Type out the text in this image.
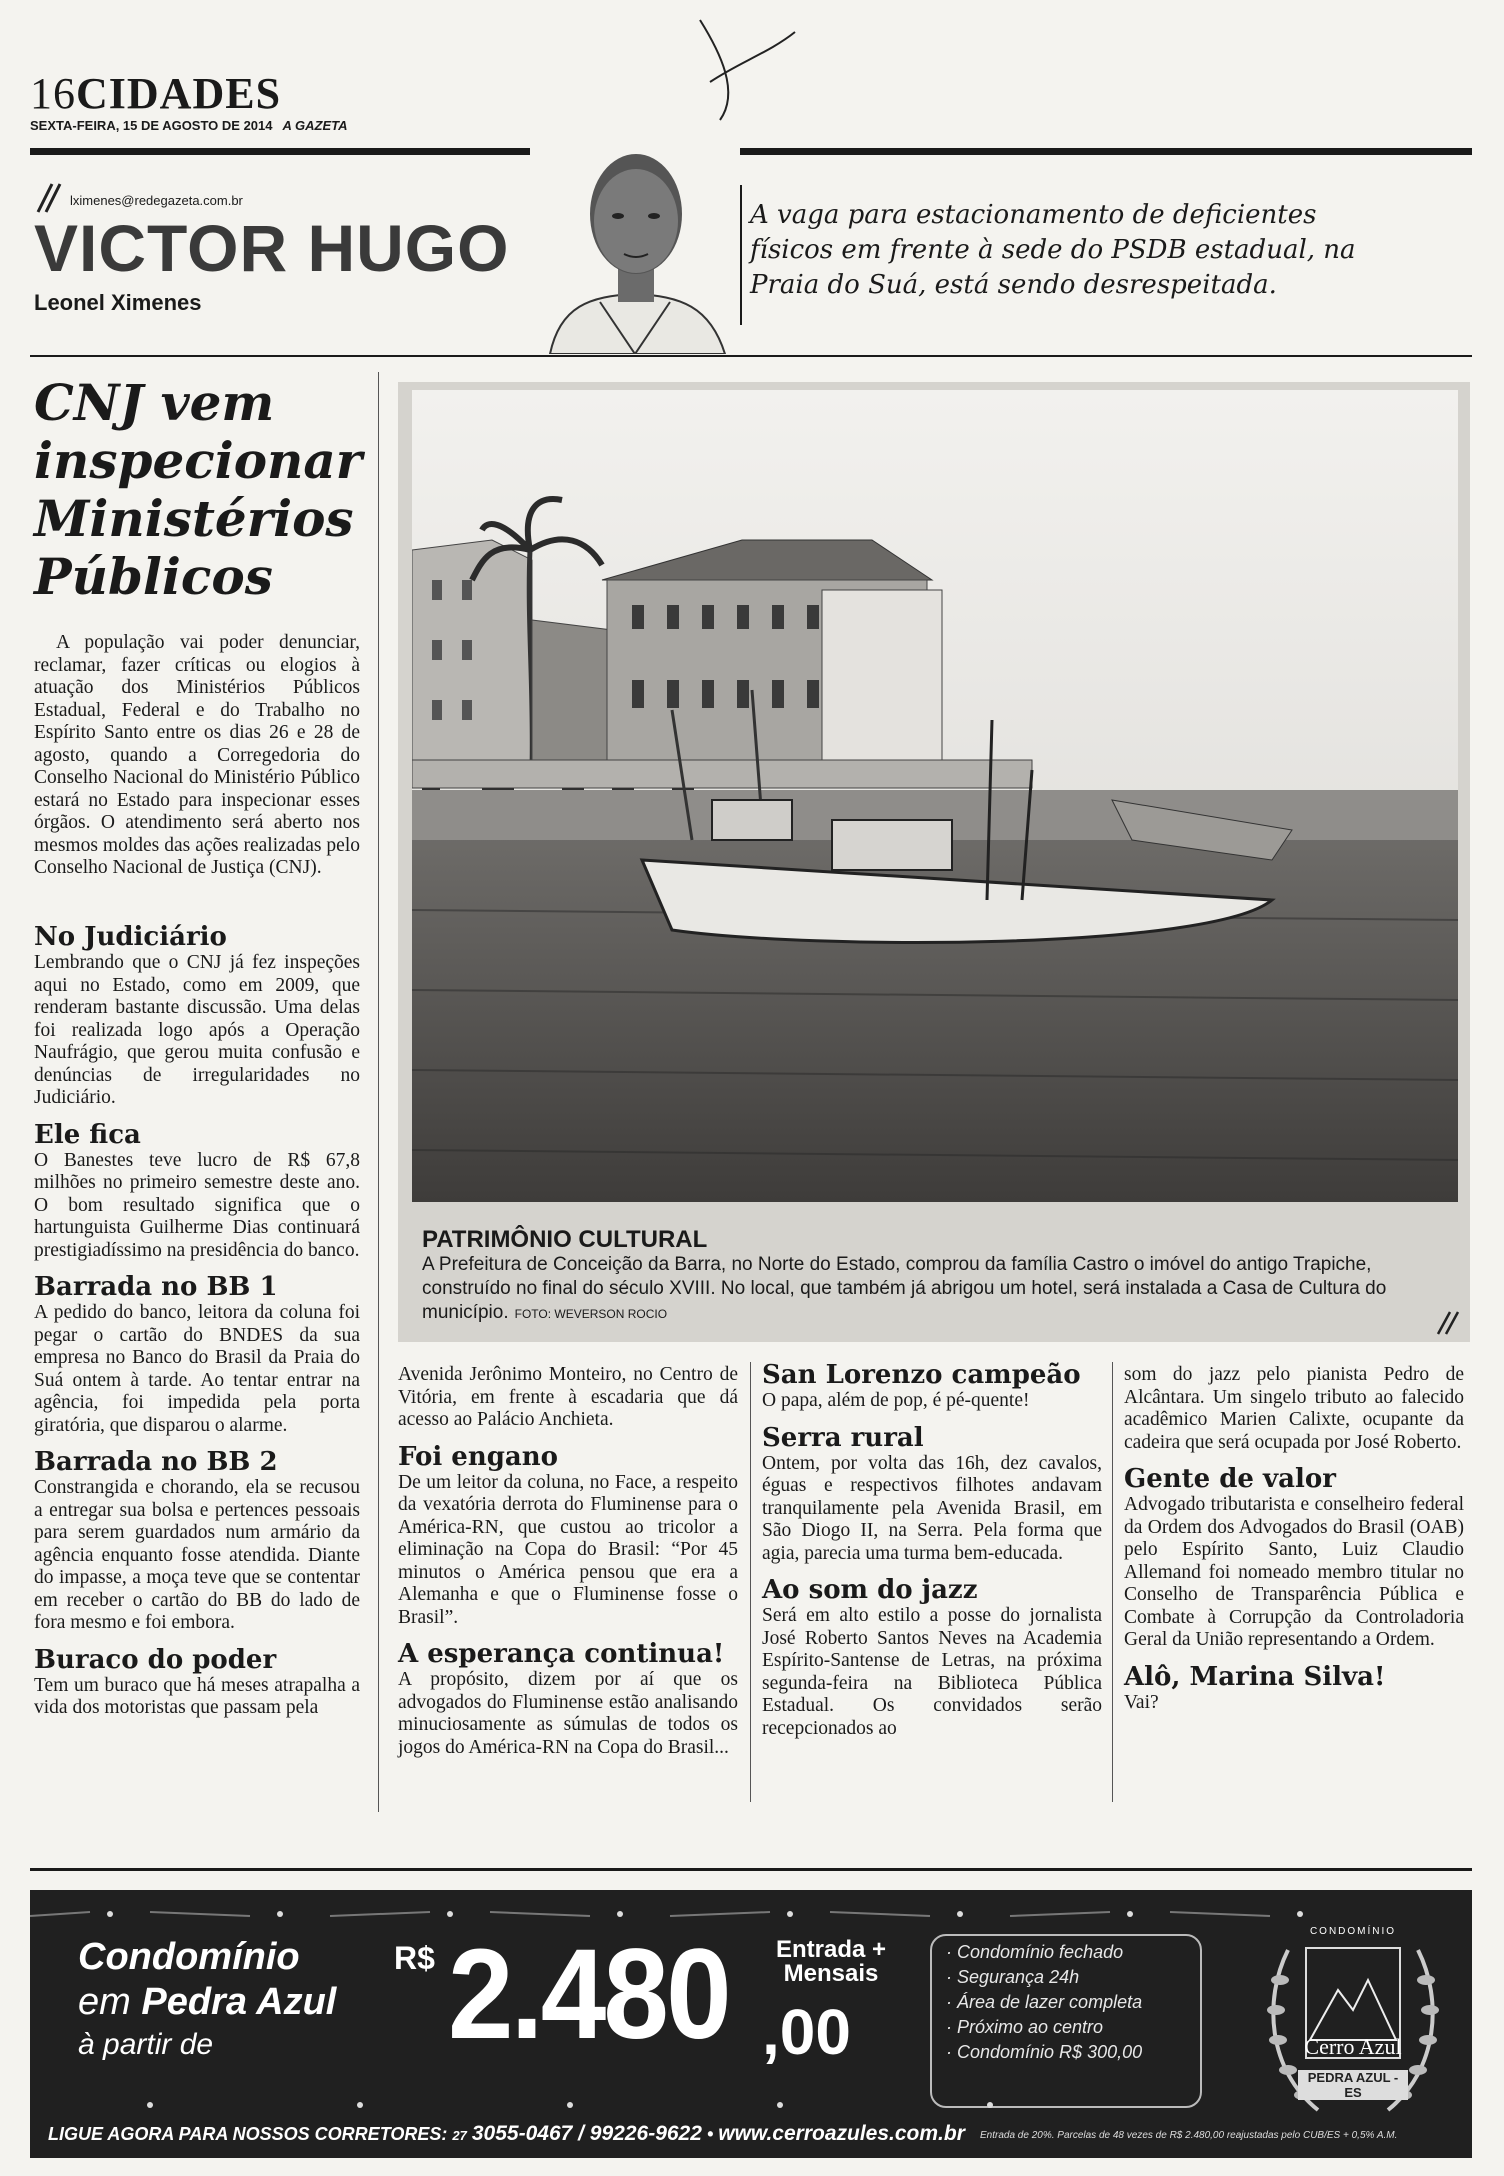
16CIDADES
SEXTA-FEIRA, 15 DE AGOSTO DE 2014 A GAZETA
lximenes@redegazeta.com.br
VICTOR HUGO
Leonel Ximenes
A vaga para estacionamento de deficientes físicos em frente à sede do PSDB estadual, na Praia do Suá, está sendo desrespeitada.
CNJ vem inspecionar Ministérios Públicos
A população vai poder denunciar, reclamar, fazer críticas ou elogios à atuação dos Ministérios Públicos Estadual, Federal e do Trabalho no Espírito Santo entre os dias 26 e 28 de agosto, quando a Corregedoria do Conselho Nacional do Ministério Público estará no Estado para inspecionar esses órgãos. O atendimento será aberto nos mesmos moldes das ações realizadas pelo Conselho Nacional de Justiça (CNJ).
No Judiciário
Lembrando que o CNJ já fez inspeções aqui no Estado, como em 2009, que renderam bastante discussão. Uma delas foi realizada logo após a Operação Naufrágio, que gerou muita confusão e denúncias de irregularidades no Judiciário.
Ele fica
O Banestes teve lucro de R$ 67,8 milhões no primeiro semestre deste ano. O bom resultado significa que o hartunguista Guilherme Dias continuará prestigiadíssimo na presidência do banco.
Barrada no BB 1
A pedido do banco, leitora da coluna foi pegar o cartão do BNDES da sua empresa no Banco do Brasil da Praia do Suá ontem à tarde. Ao tentar entrar na agência, foi impedida pela porta giratória, que disparou o alarme.
Barrada no BB 2
Constrangida e chorando, ela se recusou a entregar sua bolsa e pertences pessoais para serem guardados num armário da agência enquanto fosse atendida. Diante do impasse, a moça teve que se contentar em receber o cartão do BB do lado de fora mesmo e foi embora.
Buraco do poder
Tem um buraco que há meses atrapalha a vida dos motoristas que passam pela
PATRIMÔNIO CULTURAL
A Prefeitura de Conceição da Barra, no Norte do Estado, comprou da família Castro o imóvel do antigo Trapiche, construído no final do século XVIII. No local, que também já abrigou um hotel, será instalada a Casa de Cultura do município. FOTO: WEVERSON ROCIO
Avenida Jerônimo Monteiro, no Centro de Vitória, em frente à escadaria que dá acesso ao Palácio Anchieta.
Foi engano
De um leitor da coluna, no Face, a respeito da vexatória derrota do Fluminense para o América-RN, que custou ao tricolor a eliminação na Copa do Brasil: “Por 45 minutos o América pensou que era a Alemanha e que o Fluminense fosse o Brasil”.
A esperança continua!
A propósito, dizem por aí que os advogados do Fluminense estão analisando minuciosamente as súmulas de todos os jogos do América-RN na Copa do Brasil...
San Lorenzo campeão
O papa, além de pop, é pé-quente!
Serra rural
Ontem, por volta das 16h, dez cavalos, éguas e respectivos filhotes andavam tranquilamente pela Avenida Brasil, em São Diogo II, na Serra. Pela forma que agia, parecia uma turma bem-educada.
Ao som do jazz
Será em alto estilo a posse do jornalista José Roberto Santos Neves na Academia Espírito-Santense de Letras, na próxima segunda-feira na Biblioteca Pública Estadual. Os convidados serão recepcionados ao
som do jazz pelo pianista Pedro de Alcântara. Um singelo tributo ao falecido acadêmico Marien Calixte, ocupante da cadeira que será ocupada por José Roberto.
Gente de valor
Advogado tributarista e conselheiro federal da Ordem dos Advogados do Brasil (OAB) pelo Espírito Santo, Luiz Claudio Allemand foi nomeado membro titular no Conselho de Transparência Pública e Combate à Corrupção da Controladoria Geral da União representando a Ordem.
Alô, Marina Silva!
Vai?
Condomínio
em Pedra Azul
à partir de
R$ 2.480 ,00
Entrada +
Mensais
· Condomínio fechado
· Segurança 24h
· Área de lazer completa
· Próximo ao centro
· Condomínio R$ 300,00
CONDOMÍNIO
Cerro Azul
PEDRA AZUL - ES
LIGUE AGORA PARA NOSSOS CORRETORES: 27 3055-0467 / 99226-9622 • www.cerroazules.com.br Entrada de 20%. Parcelas de 48 vezes de R$ 2.480,00 reajustadas pelo CUB/ES + 0,5% A.M.
